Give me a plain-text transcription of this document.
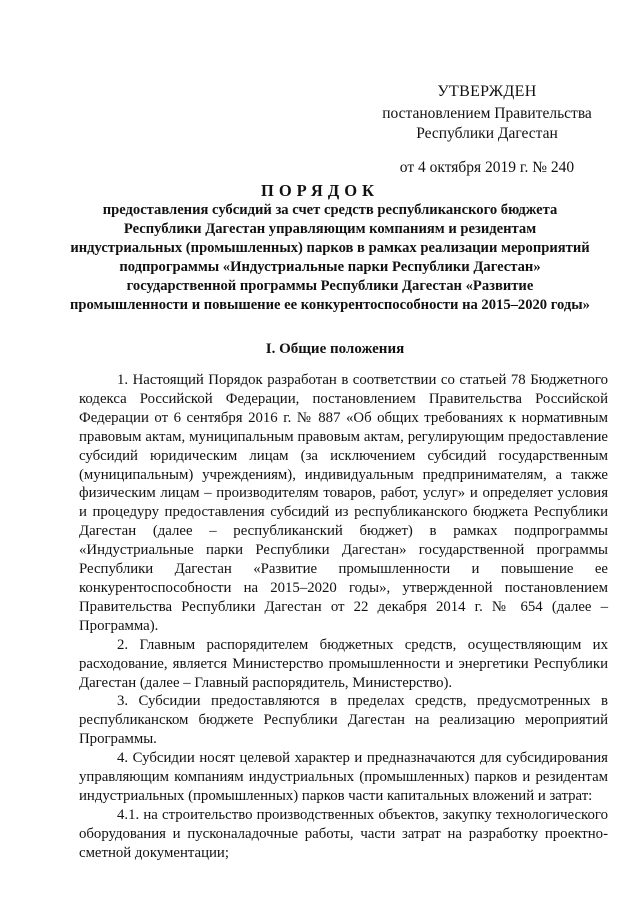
УТВЕРЖДЕН
постановлением Правительства
Республики Дагестан
от 4 октября 2019 г. № 240
ПОРЯДОК
предоставления субсидий за счет средств республиканского бюджета Республики Дагестан управляющим компаниям и резидентам индустриальных (промышленных) парков в рамках реализации мероприятий подпрограммы «Индустриальные парки Республики Дагестан» государственной программы Республики Дагестан «Развитие промышленности и повышение ее конкурентоспособности на 2015–2020 годы»
I. Общие положения

1. Настоящий Порядок разработан в соответствии со статьей 78 Бюджетного кодекса Российской Федерации, постановлением Правительства Российской Федерации от 6 сентября 2016 г. № 887 «Об общих требованиях к нормативным правовым актам, муниципальным правовым актам, регулирующим предоставление субсидий юридическим лицам (за исключением субсидий государственным (муниципальным) учреждениям), индивидуальным предпринимателям, а также физическим лицам – производителям товаров, работ, услуг» и определяет условия и процедуру предоставления субсидий из республиканского бюджета Республики Дагестан (далее – республиканский бюджет) в рамках подпрограммы «Индустриальные парки Республики Дагестан» государственной программы Республики Дагестан «Развитие промышленности и повышение ее конкурентоспособности на 2015–2020 годы», утвержденной постановлением Правительства Республики Дагестан от 22 декабря 2014 г. № 654 (далее – Программа).

2. Главным распорядителем бюджетных средств, осуществляющим их расходование, является Министерство промышленности и энергетики Республики Дагестан (далее – Главный распорядитель, Министерство).

3. Субсидии предоставляются в пределах средств, предусмотренных в республиканском бюджете Республики Дагестан на реализацию мероприятий Программы.

4. Субсидии носят целевой характер и предназначаются для субсидирования управляющим компаниям индустриальных (промышленных) парков и резидентам индустриальных (промышленных) парков части капитальных вложений и затрат:

4.1. на строительство производственных объектов, закупку технологического оборудования и пусконаладочные работы, части затрат на разработку проектно-сметной документации;
